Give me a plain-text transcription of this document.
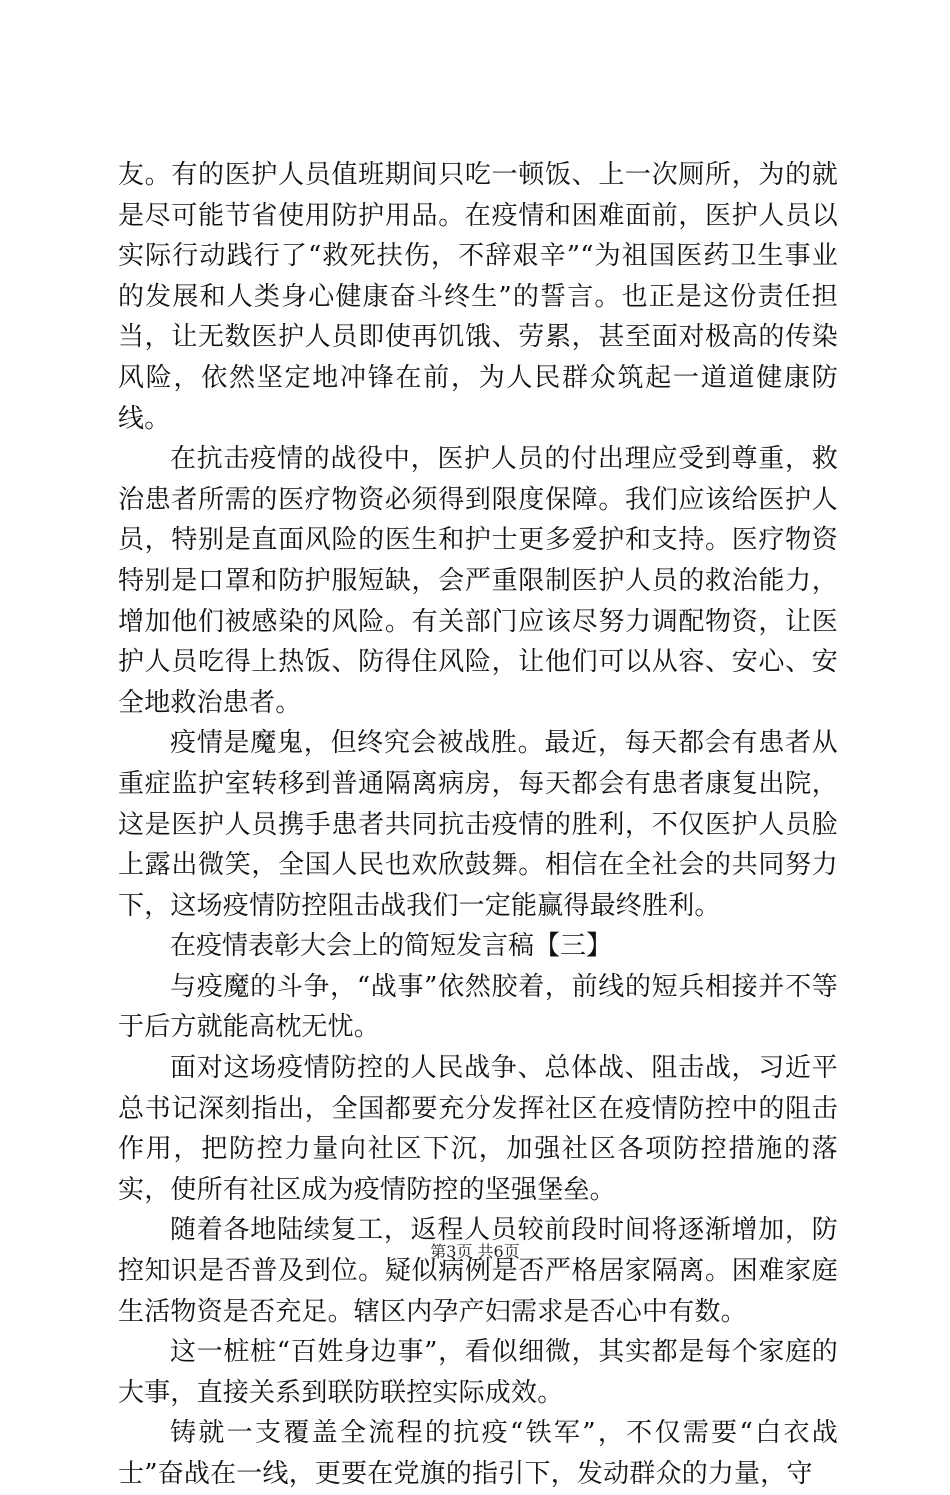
友。有的医护人员值班期间只吃一顿饭、上一次厕所，为的就是尽可能节省使用防护用品。在疫情和困难面前，医护人员以实际行动践行了“救死扶伤，不辞艰辛”“为祖国医药卫生事业的发展和人类身心健康奋斗终生”的誓言。也正是这份责任担当，让无数医护人员即使再饥饿、劳累，甚至面对极高的传染风险，依然坚定地冲锋在前，为人民群众筑起一道道健康防线。

在抗击疫情的战役中，医护人员的付出理应受到尊重，救治患者所需的医疗物资必须得到限度保障。我们应该给医护人员，特别是直面风险的医生和护士更多爱护和支持。医疗物资特别是口罩和防护服短缺，会严重限制医护人员的救治能力，增加他们被感染的风险。有关部门应该尽努力调配物资，让医护人员吃得上热饭、防得住风险，让他们可以从容、安心、安全地救治患者。

疫情是魔鬼，但终究会被战胜。最近，每天都会有患者从重症监护室转移到普通隔离病房，每天都会有患者康复出院，这是医护人员携手患者共同抗击疫情的胜利，不仅医护人员脸上露出微笑，全国人民也欢欣鼓舞。相信在全社会的共同努力下，这场疫情防控阻击战我们一定能赢得最终胜利。

在疫情表彰大会上的简短发言稿【三】

与疫魔的斗争，“战事”依然胶着，前线的短兵相接并不等于后方就能高枕无忧。

面对这场疫情防控的人民战争、总体战、阻击战，习近平总书记深刻指出，全国都要充分发挥社区在疫情防控中的阻击作用，把防控力量向社区下沉，加强社区各项防控措施的落实，使所有社区成为疫情防控的坚强堡垒。

随着各地陆续复工，返程人员较前段时间将逐渐增加，防控知识是否普及到位。疑似病例是否严格居家隔离。困难家庭生活物资是否充足。辖区内孕产妇需求是否心中有数。

这一桩桩“百姓身边事”，看似细微，其实都是每个家庭的大事，直接关系到联防联控实际成效。

铸就一支覆盖全流程的抗疫“铁军”，不仅需要“白衣战士”奋战在一线，更要在党旗的指引下，发动群众的力量，守

第3页 共6页
